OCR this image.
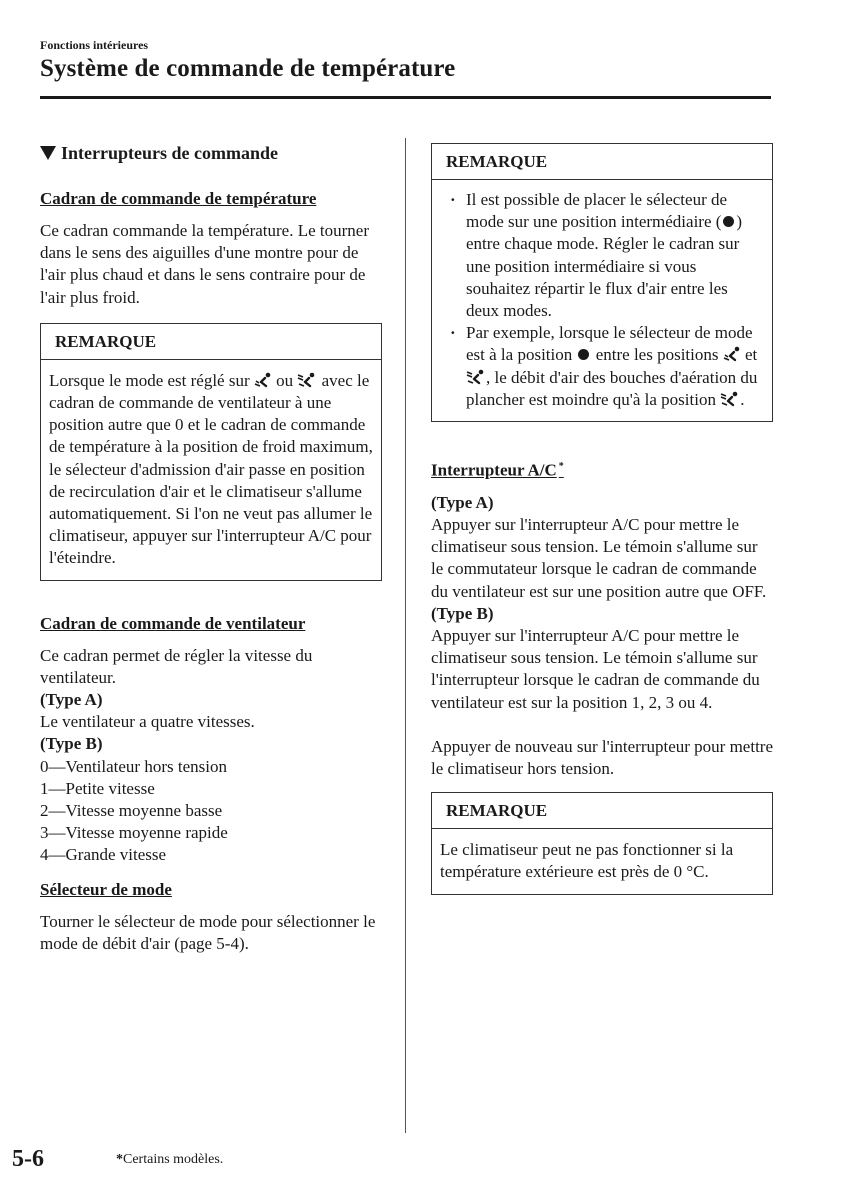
Fonctions intérieures
Système de commande de température
Interrupteurs de commande
Cadran de commande de température

Ce cadran commande la température. Le tourner dans le sens des aiguilles d'une montre pour de l'air plus chaud et dans le sens contraire pour de l'air plus froid.

REMARQUE

Lorsque le mode est réglé sur ou avec le cadran de commande de ventilateur à une position autre que 0 et le cadran de commande de température à la position de froid maximum, le sélecteur d'admission d'air passe en position de recirculation d'air et le climatiseur s'allume automatiquement. Si l'on ne veut pas allumer le climatiseur, appuyer sur l'interrupteur A/C pour l'éteindre.

Cadran de commande de ventilateur

Ce cadran permet de régler la vitesse du ventilateur.

(Type A)

Le ventilateur a quatre vitesses.

(Type B)

0—Ventilateur hors tension

1—Petite vitesse

2—Vitesse moyenne basse

3—Vitesse moyenne rapide

4—Grande vitesse

Sélecteur de mode

Tourner le sélecteur de mode pour sélectionner le mode de débit d'air (page 5-4).

REMARQUE
· Il est possible de placer le sélecteur de mode sur une position intermédiaire ( ) entre chaque mode. Régler le cadran sur une position intermédiaire si vous souhaitez répartir le flux d'air entre les deux modes.
· Par exemple, lorsque le sélecteur de mode est à la position entre les positions et, le débit d'air des bouches d'aération du plancher est moindre qu'à la position .
Interrupteur A/C *

(Type A)

Appuyer sur l'interrupteur A/C pour mettre le climatiseur sous tension. Le témoin s'allume sur le commutateur lorsque le cadran de commande du ventilateur est sur une position autre que OFF.

(Type B)

Appuyer sur l'interrupteur A/C pour mettre le climatiseur sous tension. Le témoin s'allume sur l'interrupteur lorsque le cadran de commande du ventilateur est sur la position 1, 2, 3 ou 4.

Appuyer de nouveau sur l'interrupteur pour mettre le climatiseur hors tension.

REMARQUE

Le climatiseur peut ne pas fonctionner si la température extérieure est près de 0 °C.

5-6	*Certains modèles.
